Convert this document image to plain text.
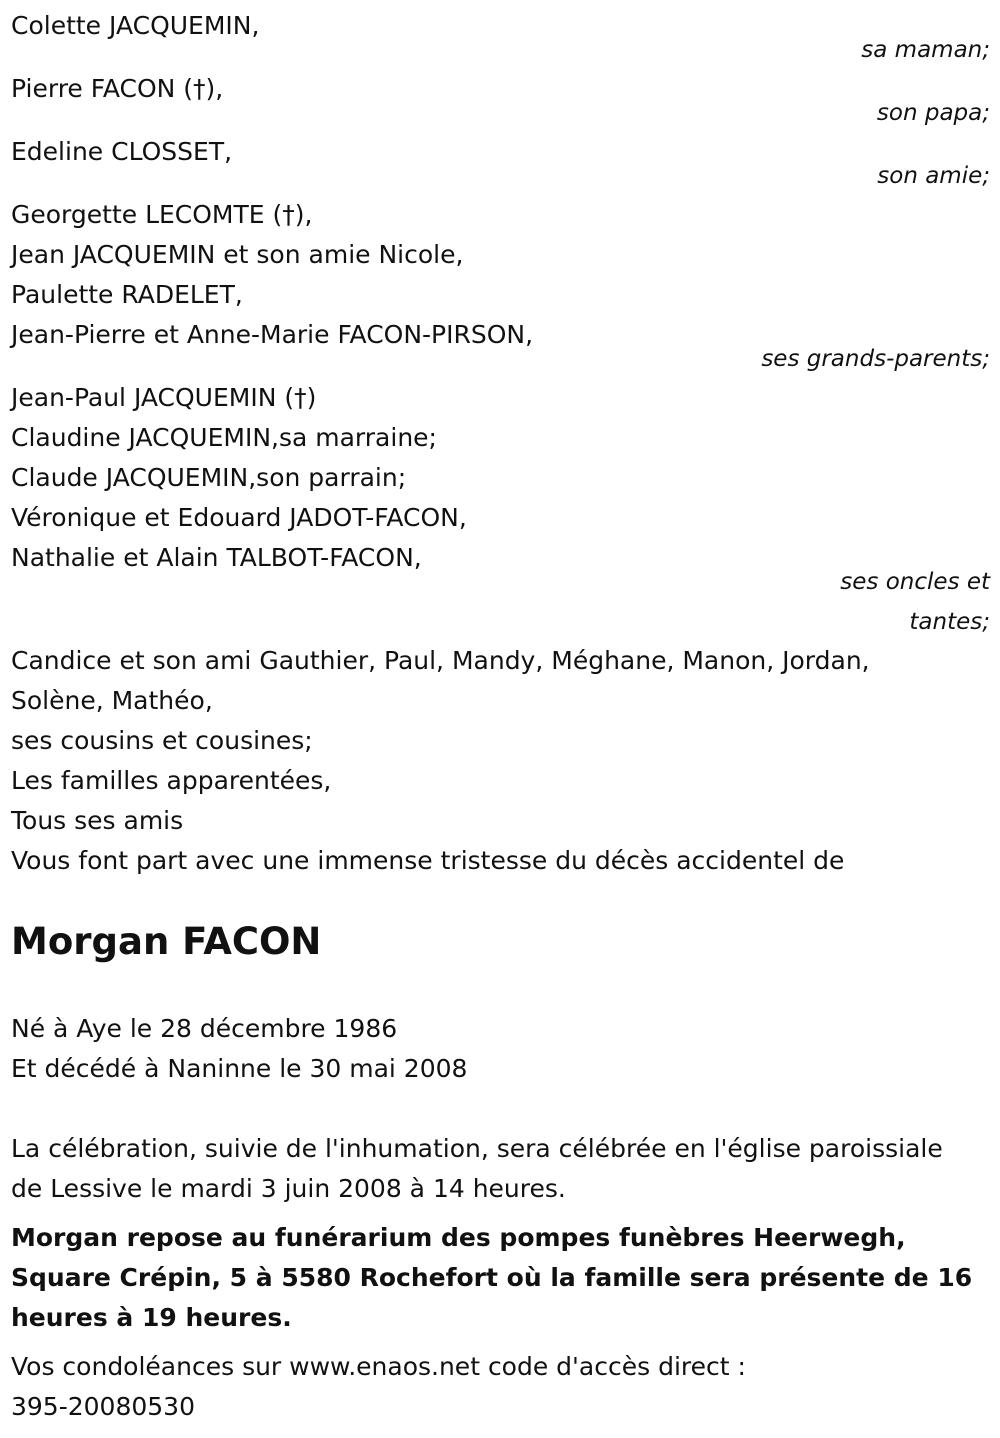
Colette JACQUEMIN,
sa maman;
Pierre FACON (†),
son papa;
Edeline CLOSSET,
son amie;
Georgette LECOMTE (†),
Jean JACQUEMIN et son amie Nicole,
Paulette RADELET,
Jean-Pierre et Anne-Marie FACON-PIRSON,
ses grands-parents;
Jean-Paul JACQUEMIN (†)
Claudine JACQUEMIN,sa marraine;
Claude JACQUEMIN,son parrain;
Véronique et Edouard JADOT-FACON,
Nathalie et Alain TALBOT-FACON,
ses oncles et
tantes;
Candice et son ami Gauthier, Paul, Mandy, Méghane, Manon, Jordan,
Solène, Mathéo,
ses cousins et cousines;
Les familles apparentées,
Tous ses amis
Vous font part avec une immense tristesse du décès accidentel de
Morgan FACON
Né à Aye le 28 décembre 1986
Et décédé à Naninne le 30 mai 2008
La célébration, suivie de l'inhumation, sera célébrée en l'église paroissiale
de Lessive le mardi 3 juin 2008 à 14 heures.
Morgan repose au funérarium des pompes funèbres Heerwegh,
Square Crépin, 5 à 5580 Rochefort où la famille sera présente de 16
heures à 19 heures.
Vos condoléances sur www.enaos.net code d'accès direct :
395-20080530
